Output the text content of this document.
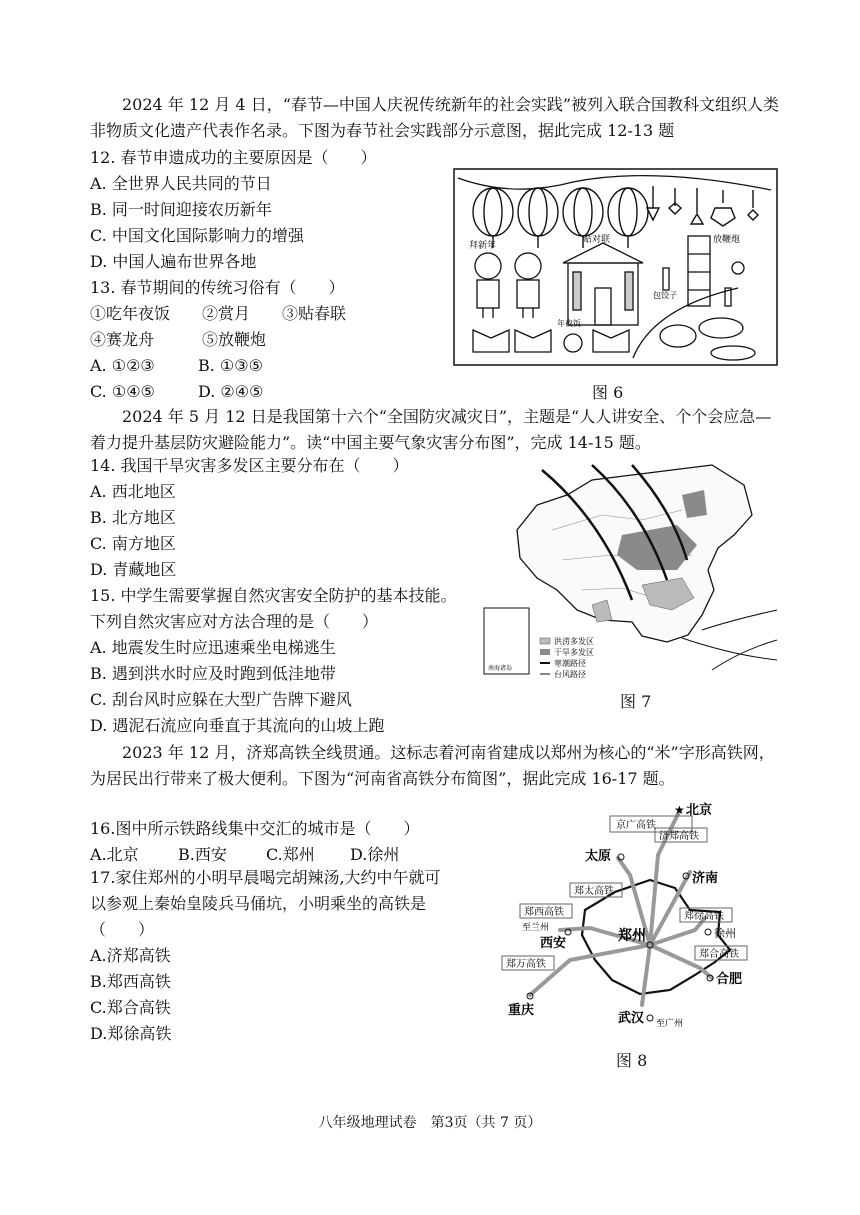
2024 年 12 月 4 日，“春节—中国人庆祝传统新年的社会实践”被列入联合国教科文组织人类非物质文化遗产代表作名录。下图为春节社会实践部分示意图，据此完成 12-13 题
12. 春节申遗成功的主要原因是（　　）
A. 全世界人民共同的节日
B. 同一时间迎接农历新年
C. 中国文化国际影响力的增强
D. 中国人遍布世界各地
13. 春节期间的传统习俗有（　　）
①吃年夜饭　　②赏月　　③贴春联
④赛龙舟　　　⑤放鞭炮
A. ①②③	B. ①③⑤
C. ①④⑤	D. ②④⑤
拜新年
贴对联	放鞭炮
包饺子
年夜饭
图 6
2024 年 5 月 12 日是我国第十六个“全国防灾减灾日”，主题是“人人讲安全、个个会应急—着力提升基层防灾避险能力”。读“中国主要气象灾害分布图”，完成 14-15 题。
14. 我国干旱灾害多发区主要分布在（　　）
A. 西北地区
B. 北方地区
C. 南方地区
D. 青藏地区
15. 中学生需要掌握自然灾害安全防护的基本技能。
下列自然灾害应对方法合理的是（　　）
A. 地震发生时应迅速乘坐电梯逃生
B. 遇到洪水时应及时跑到低洼地带
C. 刮台风时应躲在大型广告牌下避风
D. 遇泥石流应向垂直于其流向的山坡上跑
南海诸岛
洪涝多发区
干旱多发区
寒潮路径
台风路径
图 7
2023 年 12 月，济郑高铁全线贯通。这标志着河南省建成以郑州为核心的“米”字形高铁网，为居民出行带来了极大便利。下图为“河南省高铁分布简图”，据此完成 16-17 题。
16.图中所示铁路线集中交汇的城市是（　　）
A.北京 B.西安 C.郑州 D.徐州
17.家住郑州的小明早晨喝完胡辣汤,大约中午就可
以参观上秦始皇陵兵马俑坑，小明乘坐的高铁是
（　　）
A.济郑高铁
B.郑西高铁
C.郑合高铁
D.郑徐高铁
京广高铁
济郑高铁
郑太高铁
郑西高铁	郑徐高铁
郑万高铁
郑合高铁
★ 北京
太原
济南
至兰州
西安	郑州	徐州
合肥
重庆
武汉 至广州
图 8
八年级地理试卷　第3页（共 7 页）
